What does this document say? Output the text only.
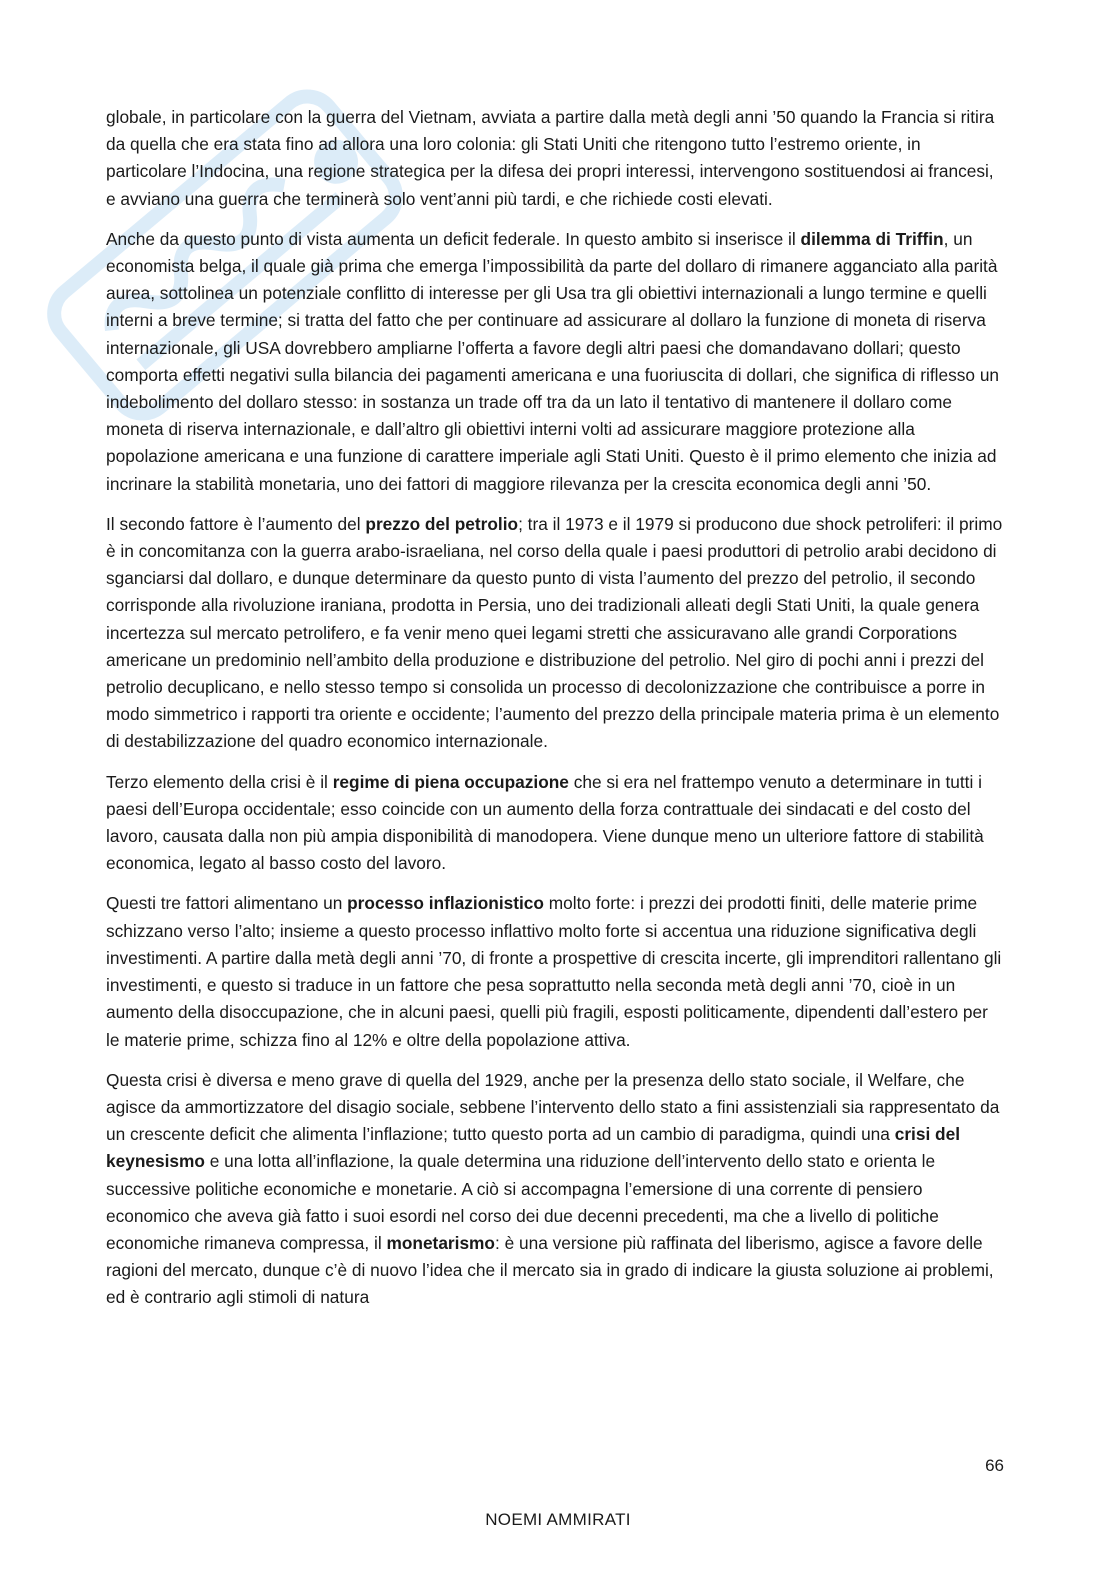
globale, in particolare con la guerra del Vietnam, avviata a partire dalla metà degli anni ’50 quando la Francia si ritira da quella che era stata fino ad allora una loro colonia: gli Stati Uniti che ritengono tutto l’estremo oriente, in particolare l’Indocina, una regione strategica per la difesa dei propri interessi, intervengono sostituendosi ai francesi, e avviano una guerra che terminerà solo vent’anni più tardi, e che richiede costi elevati.

Anche da questo punto di vista aumenta un deficit federale. In questo ambito si inserisce il dilemma di Triffin, un economista belga, il quale già prima che emerga l’impossibilità da parte del dollaro di rimanere agganciato alla parità aurea, sottolinea un potenziale conflitto di interesse per gli Usa tra gli obiettivi internazionali a lungo termine e quelli interni a breve termine; si tratta del fatto che per continuare ad assicurare al dollaro la funzione di moneta di riserva internazionale, gli USA dovrebbero ampliarne l’offerta a favore degli altri paesi che domandavano dollari; questo comporta effetti negativi sulla bilancia dei pagamenti americana e una fuoriuscita di dollari, che significa di riflesso un indebolimento del dollaro stesso: in sostanza un trade off tra da un lato il tentativo di mantenere il dollaro come moneta di riserva internazionale, e dall’altro gli obiettivi interni volti ad assicurare maggiore protezione alla popolazione americana e una funzione di carattere imperiale agli Stati Uniti. Questo è il primo elemento che inizia ad incrinare la stabilità monetaria, uno dei fattori di maggiore rilevanza per la crescita economica degli anni ’50.

Il secondo fattore è l’aumento del prezzo del petrolio; tra il 1973 e il 1979 si producono due shock petroliferi: il primo è in concomitanza con la guerra arabo-israeliana, nel corso della quale i paesi produttori di petrolio arabi decidono di sganciarsi dal dollaro, e dunque determinare da questo punto di vista l’aumento del prezzo del petrolio, il secondo corrisponde alla rivoluzione iraniana, prodotta in Persia, uno dei tradizionali alleati degli Stati Uniti, la quale genera incertezza sul mercato petrolifero, e fa venir meno quei legami stretti che assicuravano alle grandi Corporations americane un predominio nell’ambito della produzione e distribuzione del petrolio. Nel giro di pochi anni i prezzi del petrolio decuplicano, e nello stesso tempo si consolida un processo di decolonizzazione che contribuisce a porre in modo simmetrico i rapporti tra oriente e occidente; l’aumento del prezzo della principale materia prima è un elemento di destabilizzazione del quadro economico internazionale.

Terzo elemento della crisi è il regime di piena occupazione che si era nel frattempo venuto a determinare in tutti i paesi dell’Europa occidentale; esso coincide con un aumento della forza contrattuale dei sindacati e del costo del lavoro, causata dalla non più ampia disponibilità di manodopera. Viene dunque meno un ulteriore fattore di stabilità economica, legato al basso costo del lavoro.

Questi tre fattori alimentano un processo inflazionistico molto forte: i prezzi dei prodotti finiti, delle materie prime schizzano verso l’alto; insieme a questo processo inflattivo molto forte si accentua una riduzione significativa degli investimenti. A partire dalla metà degli anni ’70, di fronte a prospettive di crescita incerte, gli imprenditori rallentano gli investimenti, e questo si traduce in un fattore che pesa soprattutto nella seconda metà degli anni ’70, cioè in un aumento della disoccupazione, che in alcuni paesi, quelli più fragili, esposti politicamente, dipendenti dall’estero per le materie prime, schizza fino al 12% e oltre della popolazione attiva.

Questa crisi è diversa e meno grave di quella del 1929, anche per la presenza dello stato sociale, il Welfare, che agisce da ammortizzatore del disagio sociale, sebbene l’intervento dello stato a fini assistenziali sia rappresentato da un crescente deficit che alimenta l’inflazione; tutto questo porta ad un cambio di paradigma, quindi una crisi del keynesismo e una lotta all’inflazione, la quale determina una riduzione dell’intervento dello stato e orienta le successive politiche economiche e monetarie. A ciò si accompagna l’emersione di una corrente di pensiero economico che aveva già fatto i suoi esordi nel corso dei due decenni precedenti, ma che a livello di politiche economiche rimaneva compressa, il monetarismo: è una versione più raffinata del liberismo, agisce a favore delle ragioni del mercato, dunque c’è di nuovo l’idea che il mercato sia in grado di indicare la giusta soluzione ai problemi, ed è contrario agli stimoli di natura

66
NOEMI AMMIRATI
